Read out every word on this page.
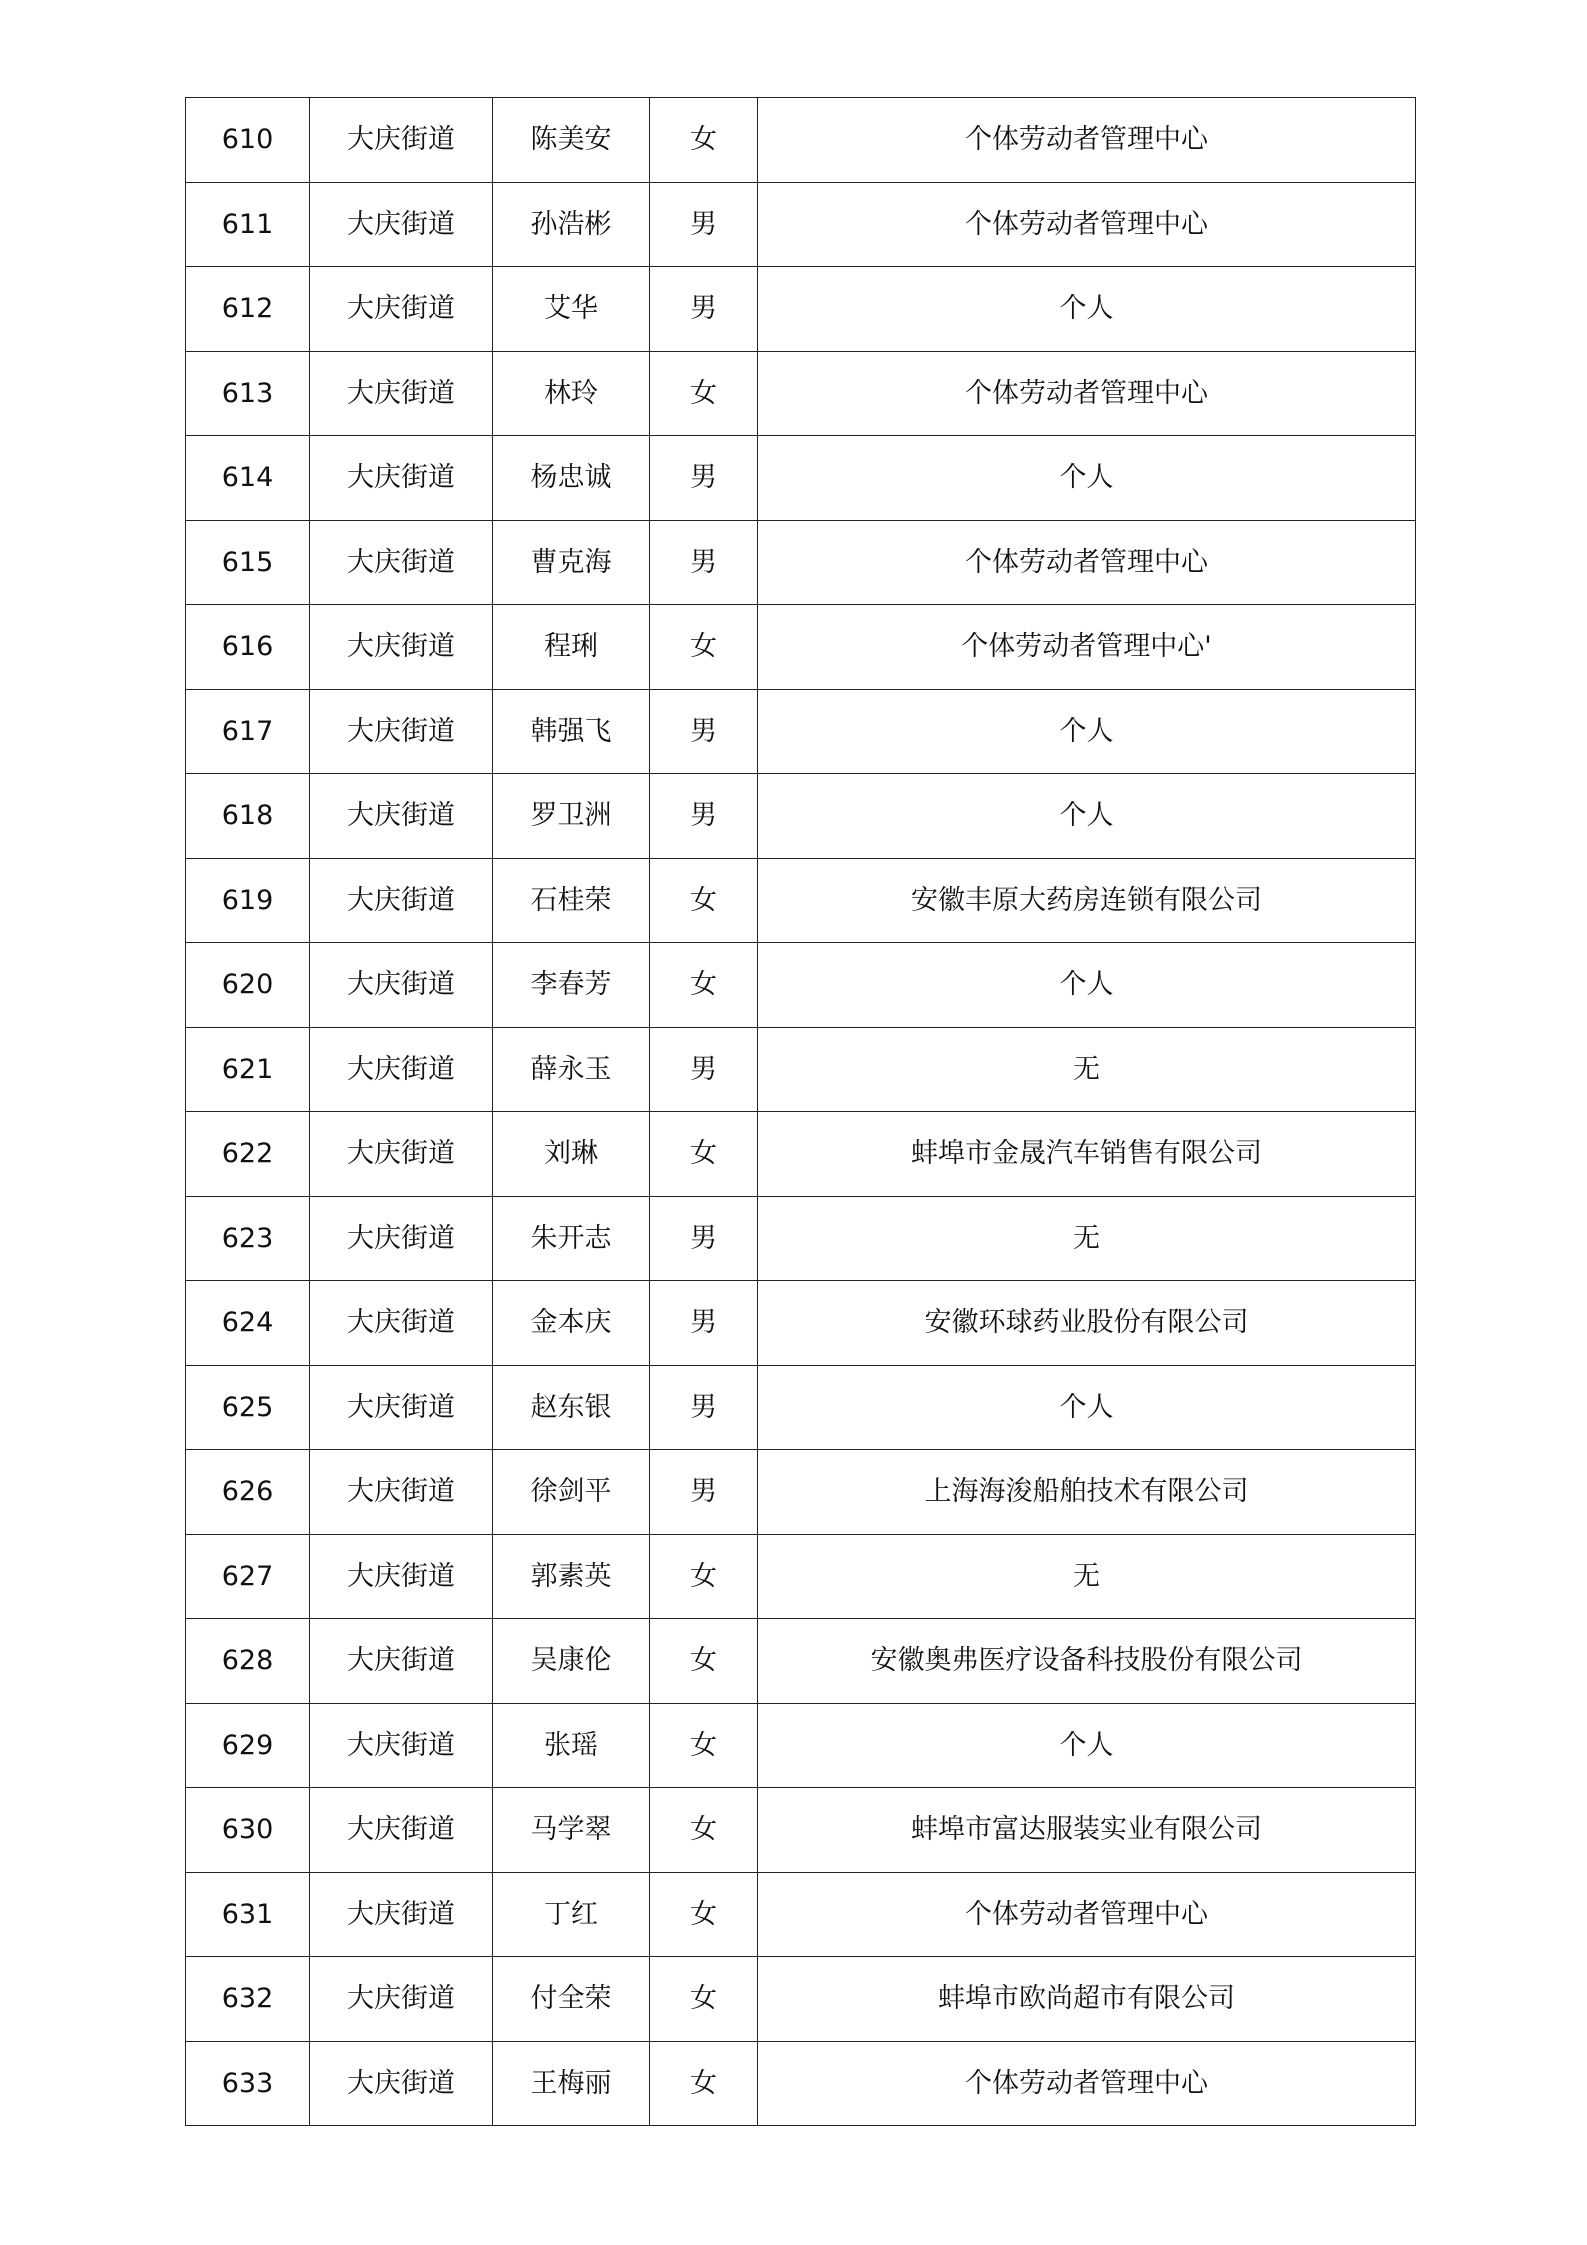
610	大庆街道	陈美安	女	个体劳动者管理中心
611	大庆街道	孙浩彬	男	个体劳动者管理中心
612	大庆街道	艾华	男	个人
613	大庆街道	林玲	女	个体劳动者管理中心
614	大庆街道	杨忠诚	男	个人
615	大庆街道	曹克海	男	个体劳动者管理中心
616	大庆街道	程琍	女	个体劳动者管理中心'
617	大庆街道	韩强飞	男	个人
618	大庆街道	罗卫洲	男	个人
619	大庆街道	石桂荣	女	安徽丰原大药房连锁有限公司
620	大庆街道	李春芳	女	个人
621	大庆街道	薛永玉	男	无
622	大庆街道	刘琳	女	蚌埠市金晟汽车销售有限公司
623	大庆街道	朱开志	男	无
624	大庆街道	金本庆	男	安徽环球药业股份有限公司
625	大庆街道	赵东银	男	个人
626	大庆街道	徐剑平	男	上海海浚船舶技术有限公司
627	大庆街道	郭素英	女	无
628	大庆街道	吴康伦	女	安徽奥弗医疗设备科技股份有限公司
629	大庆街道	张瑶	女	个人
630	大庆街道	马学翠	女	蚌埠市富达服装实业有限公司
631	大庆街道	丁红	女	个体劳动者管理中心
632	大庆街道	付全荣	女	蚌埠市欧尚超市有限公司
633	大庆街道	王梅丽	女	个体劳动者管理中心
